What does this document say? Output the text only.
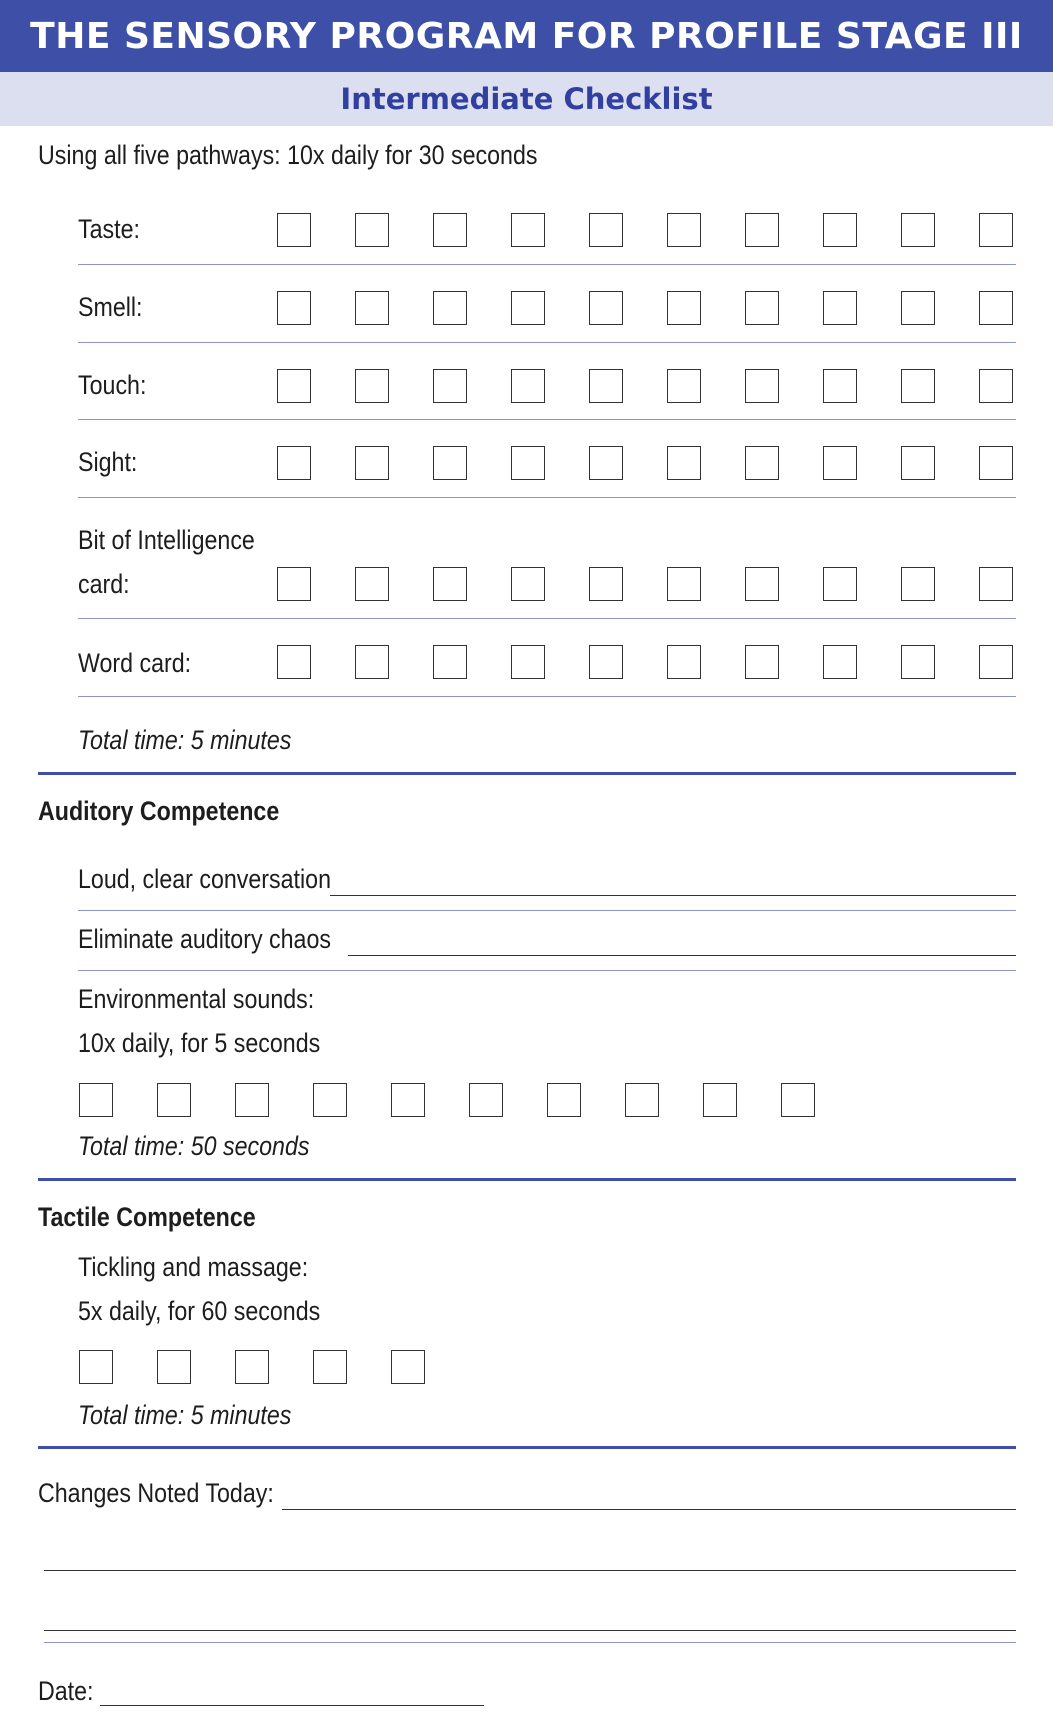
THE SENSORY PROGRAM FOR PROFILE STAGE III
Intermediate Checklist
Using all five pathways: 10x daily for 30 seconds
Taste:
Smell:
Touch:
Sight:
Bit of Intelligence
card:
Word card:
Total time: 5 minutes
Auditory Competence
Loud, clear conversation
Eliminate auditory chaos
Environmental sounds:
10x daily, for 5 seconds
Total time: 50 seconds
Tactile Competence
Tickling and massage:
5x daily, for 60 seconds
Total time: 5 minutes
Changes Noted Today:
Date:
